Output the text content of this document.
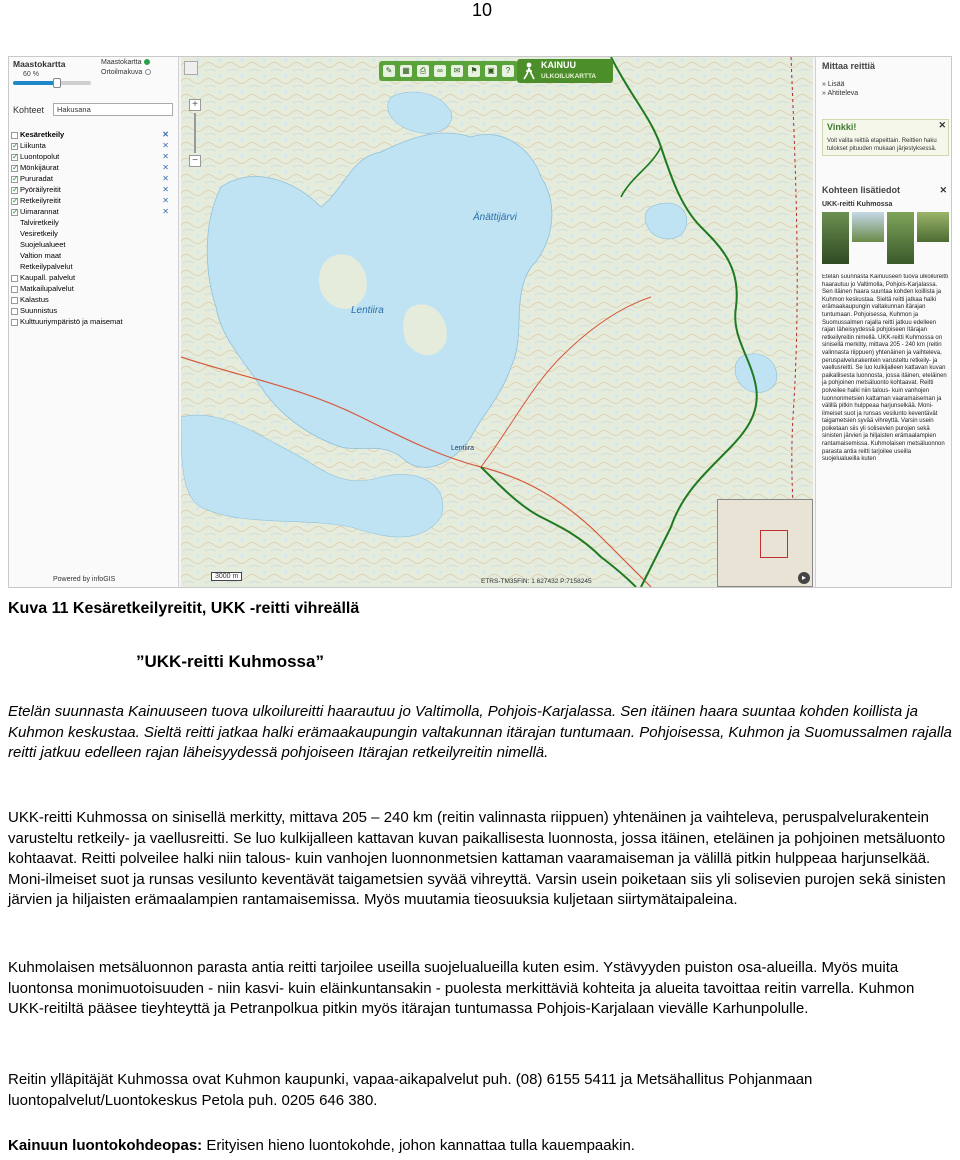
10
Maastokartta
60 %
Maastokartta
Ortoilmakuva
Kohteet	Hakusana
Kesäretkeily	✕
✓Liikunta	✕
✓Luontopolut	✕
✓Mönkijäurat	✕
✓Pururadat	✕
✓Pyöräilyreitit	✕
✓Retkeilyreitit	✕
✓Uimarannat	✕
Talviretkeily
Vesiretkeily
Suojelualueet
Valtion maat
Retkeilypalvelut
Kaupall. palvelut
Matkailupalvelut
Kalastus
Suunnistus
Kulttuuriympäristö ja maisemat
Powered by infoGIS
+
−
✎	▦	⎙	∞	✉	⚑	▣	?
KAINUU
ULKOILUKARTTA
Änättijärvi
Lentiira
Lentiira
3000 m
ETRS-TM35FIN: 1 627432 P:7158245	▸
Mittaa reittiä
» Lisää
» Ahtiteleva
Vinkki!	✕
Voit valita reittiä etapeittain. Reittien haku tulokset pituuden mukaan järjestyksessä.
Kohteen lisätiedot	✕
UKK-reitti Kuhmossa
Etelän suunnasta Kainuuseen tuova ulkoilureitti haarautuu jo Valtimolla, Pohjois-Karjalassa. Sen itäinen haara suuntaa kohden koillista ja Kuhmon keskustaa. Sieltä reitti jatkaa halki erämaakaupungin valtakunnan itärajan tuntumaan. Pohjoisessa, Kuhmon ja Suomussalmen rajalla reitti jatkuu edelleen rajan läheisyydessä pohjoiseen Itärajan retkeilyreitin nimellä. UKK-reitti Kuhmossa on sinisellä merkitty, mittava 205 - 240 km (reitin valinnasta riippuen) yhtenäinen ja vaihteleva, peruspalvelurakentein varusteltu retkeily- ja vaellusreitti. Se luo kulkijalleen kattavan kuvan paikallisesta luonnosta, jossa itäinen, eteläinen ja pohjoinen metsäluonto kohtaavat. Reitti polveilee halki niin talous- kuin vanhojen luonnonmetsien kattaman vaaramaiseman ja välillä pitkin hulppeaa harjunselkää. Moni-ilmeiset suot ja runsas vesilunto keventävät taigametsien syvää vihreyttä. Varsin usein poiketaan siis yli solisevien purojen sekä sinisten järvien ja hiljaisten erämaalampien rantamaisemissa. Kuhmolaisen metsäluonnon parasta antia reitti tarjoilee useilla suojelualueilla kuten
Kuva 11 Kesäretkeilyreitit, UKK -reitti vihreällä
”UKK-reitti Kuhmossa”
Etelän suunnasta Kainuuseen tuova ulkoilureitti haarautuu jo Valtimolla, Pohjois-Karjalassa. Sen itäinen haara suuntaa kohden koillista ja Kuhmon keskustaa. Sieltä reitti jatkaa halki erämaakaupungin valtakunnan itärajan tuntumaan. Pohjoisessa, Kuhmon ja Suomussalmen rajalla reitti jatkuu edelleen rajan läheisyydessä pohjoiseen Itärajan retkeilyreitin nimellä.
UKK-reitti Kuhmossa on sinisellä merkitty, mittava 205 – 240 km (reitin valinnasta riippuen) yhtenäinen ja vaihteleva, peruspalvelurakentein varusteltu retkeily- ja vaellusreitti. Se luo kulkijalleen kattavan kuvan paikallisesta luonnosta, jossa itäinen, eteläinen ja pohjoinen metsäluonto kohtaavat. Reitti polveilee halki niin talous- kuin vanhojen luonnonmetsien kattaman vaaramaiseman ja välillä pitkin hulppeaa harjunselkää. Moni-ilmeiset suot ja runsas vesilunto keventävät taigametsien syvää vihreyttä. Varsin usein poiketaan siis yli solisevien purojen sekä sinisten järvien ja hiljaisten erämaalampien rantamaisemissa. Myös muutamia tieosuuksia kuljetaan siirtymätaipaleina.
Kuhmolaisen metsäluonnon parasta antia reitti tarjoilee useilla suojelualueilla kuten esim. Ystävyyden puiston osa-alueilla. Myös muita luontonsa monimuotoisuuden - niin kasvi- kuin eläinkuntansakin - puolesta merkittäviä kohteita ja alueita tavoittaa reitin varrella. Kuhmon UKK-reitiltä pääsee tieyhteyttä ja Petranpolkua pitkin myös itärajan tuntumassa Pohjois-Karjalaan vievälle Karhunpolulle.
Reitin ylläpitäjät Kuhmossa ovat Kuhmon kaupunki, vapaa-aikapalvelut puh. (08) 6155 5411 ja Metsähallitus Pohjanmaan luontopalvelut/Luontokeskus Petola puh. 0205 646 380.
Kainuun luontokohdeopas: Erityisen hieno luontokohde, johon kannattaa tulla kauempaakin.
